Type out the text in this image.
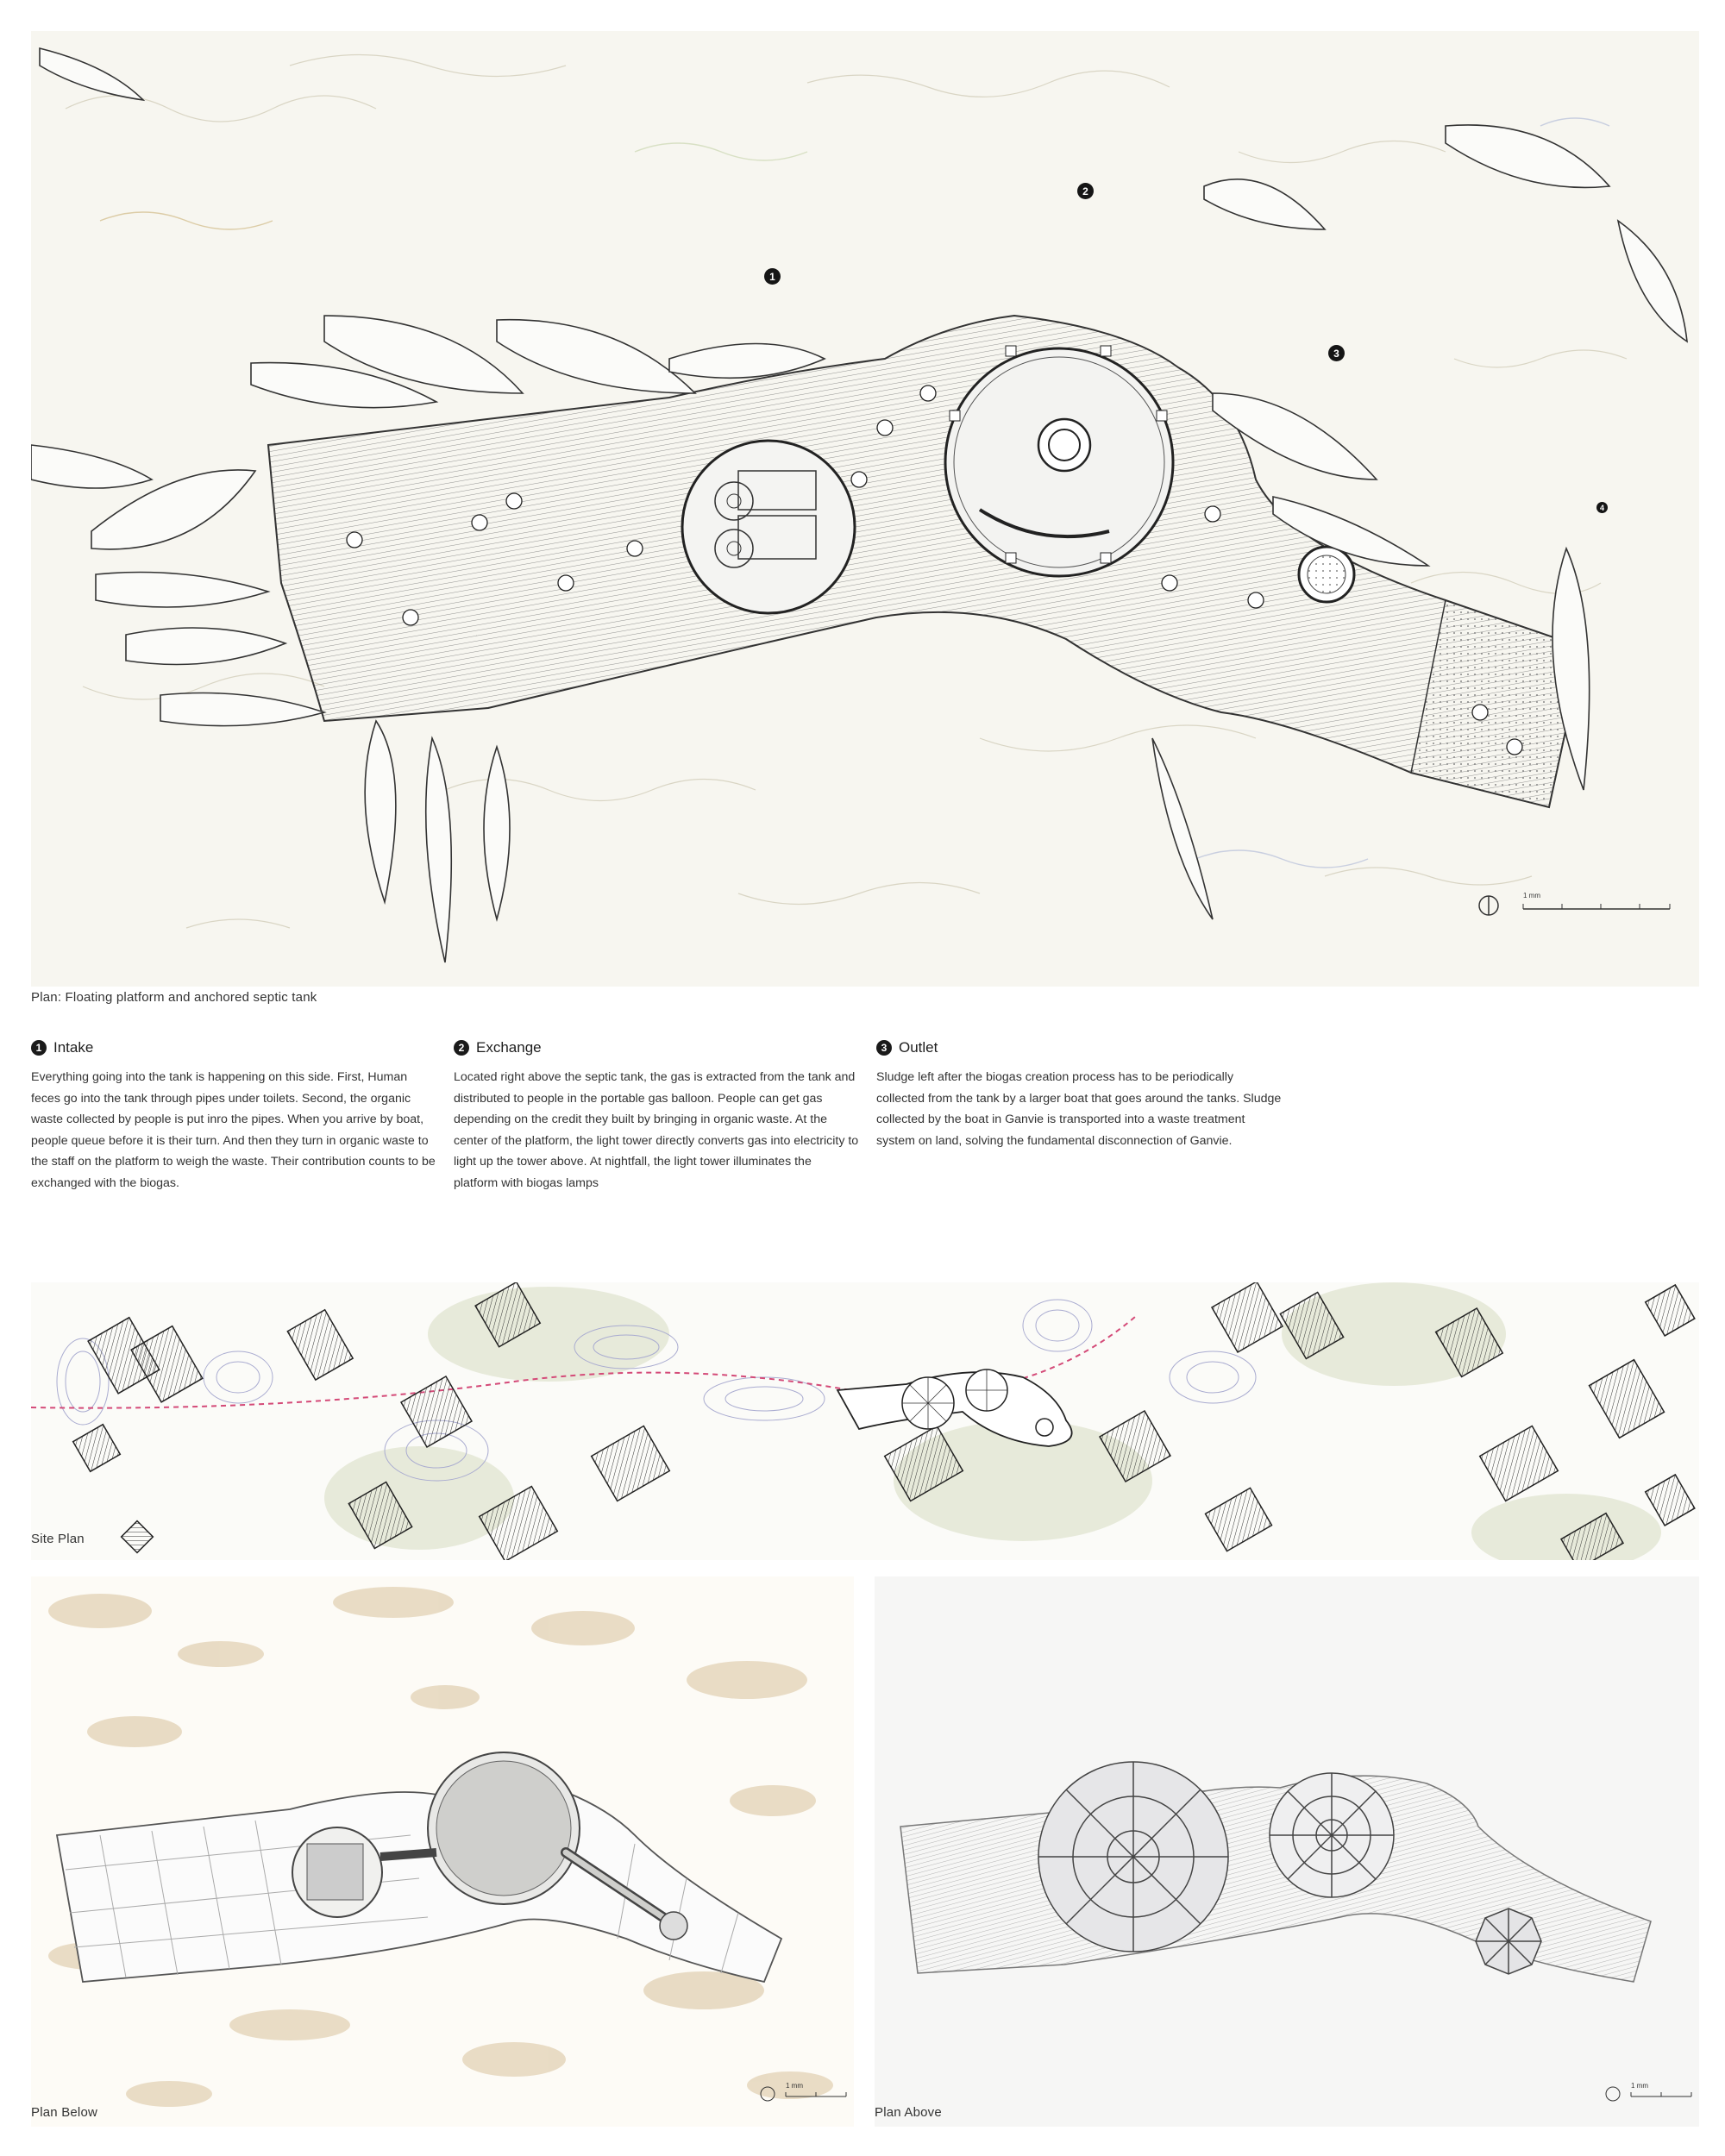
1
2
3
4
1 mm
Plan: Floating platform and anchored septic tank
1 Intake
Everything going into the tank is happening on this side. First, Human feces go into the tank through pipes under toilets. Second, the organic waste collected by people is put inro the pipes. When you arrive by boat, people queue before it is their turn. And then they turn in organic waste to the staff on the platform to weigh the waste. Their contribution counts to be exchanged with the biogas.
2 Exchange
Located right above the septic tank, the gas is extracted from the tank and distributed to people in the portable gas balloon. People can get gas depending on the credit they built by bringing in organic waste. At the center of the platform, the light tower directly converts gas into electricity to light up the tower above. At nightfall, the light tower illuminates the platform with biogas lamps
3 Outlet
Sludge left after the biogas creation process has to be periodically collected from the tank by a larger boat that goes around the tanks. Sludge collected by the boat in Ganvie is transported into a waste treatment system on land, solving the fundamental disconnection of Ganvie.
Site Plan
1 mm
Plan Below
1 mm
Plan Above
